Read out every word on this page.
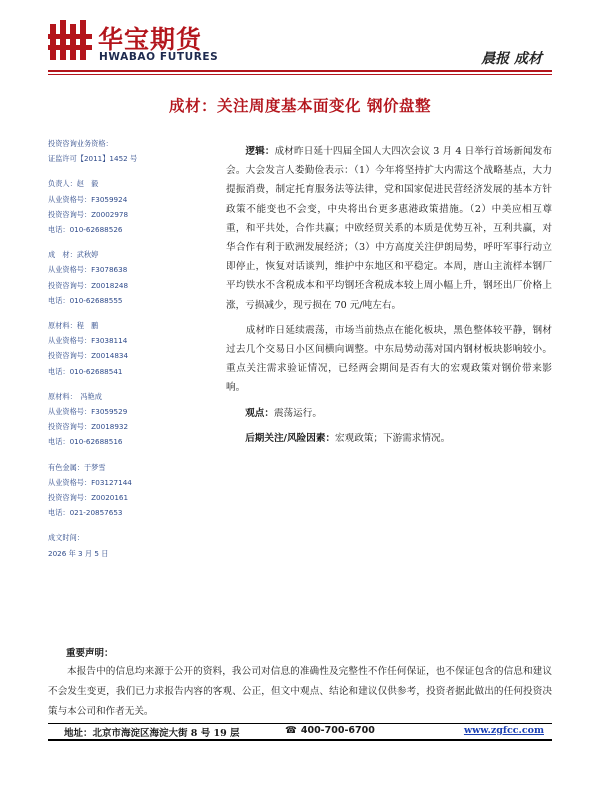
华宝期货
HWABAO FUTURES	晨报 成材
成材：关注周度基本面变化 钢价盘整
投资咨询业务资格：
证监许可【2011】1452 号
负责人：赵　毅
从业资格号：F3059924
投资咨询号：Z0002978
电话：010-62688526
成　材：武秋婷
从业资格号：F3078638
投资咨询号：Z0018248
电话：010-62688555
原材料：程　鹏
从业资格号：F3038114
投资咨询号：Z0014834
电话：010-62688541
原材料：　冯艳成
从业资格号：F3059529
投资咨询号：Z0018932
电话：010-62688516
有色金属：于梦雪
从业资格号：F03127144
投资咨询号：Z0020161
电话：021-20857653
成文时间：
2026 年 3 月 5 日

　　逻辑：成材昨日延十四届全国人大四次会议 3 月 4 日举行首场新闻发布会。大会发言人娄勤俭表示：（1）今年将坚持扩大内需这个战略基点，大力提振消费，制定托育服务法等法律，党和国家促进民营经济发展的基本方针政策不能变也不会变，中央将出台更多惠港政策措施。（2）中美应相互尊重，和平共处，合作共赢；中欧经贸关系的本质是优势互补，互利共赢，对华合作有利于欧洲发展经济；（3）中方高度关注伊朗局势，呼吁军事行动立即停止，恢复对话谈判，维护中东地区和平稳定。本周，唐山主流样本钢厂平均铁水不含税成本和平均钢坯含税成本较上周小幅上升，钢坯出厂价格上涨，亏损减少，现亏损在 70 元/吨左右。

　　成材昨日延续震荡，市场当前热点在能化板块，黑色整体较平静，钢材过去几个交易日小区间横向调整。中东局势动荡对国内钢材板块影响较小。重点关注需求验证情况，已经两会期间是否有大的宏观政策对钢价带来影响。

　　观点：震荡运行。

　　后期关注/风险因素：宏观政策；下游需求情况。

重要声明：
本报告中的信息均来源于公开的资料，我公司对信息的准确性及完整性不作任何保证，也不保证包含的信息和建议不会发生变更，我们已力求报告内容的客观、公正，但文中观点、结论和建议仅供参考，投资者据此做出的任何投资决策与本公司和作者无关。
地址：北京市海淀区海淀大街 8 号 19 层	☎ 400-700-6700	www.zgfcc.com
